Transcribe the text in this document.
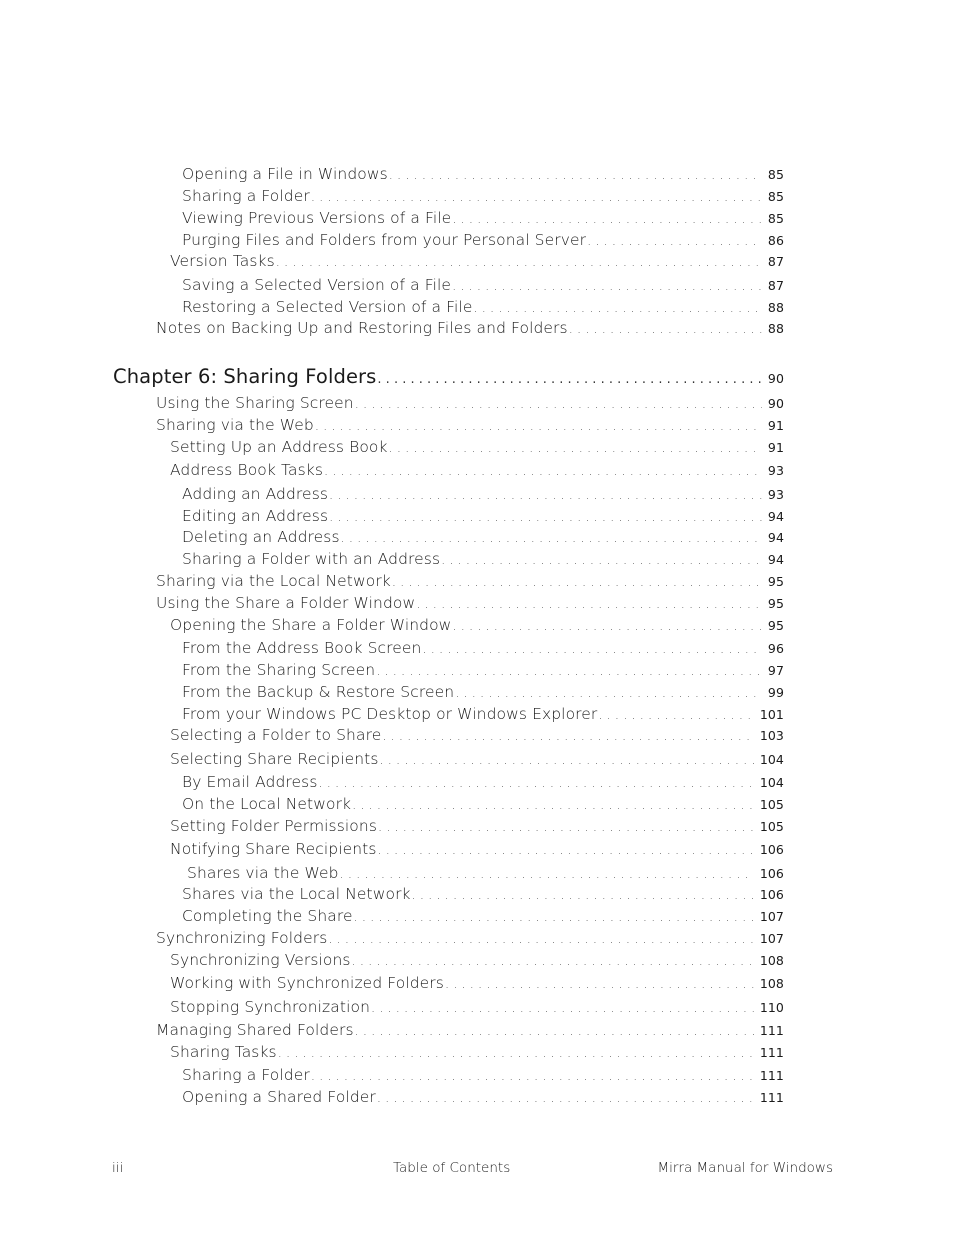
Opening a File in Windows . . .	85
Sharing a Folder . . .	85
Viewing Previous Versions of a File . . .	85
Purging Files and Folders from your Personal Server . . .	86
Version Tasks . . .	87
Saving a Selected Version of a File . . .	87
Restoring a Selected Version of a File . . .	88
Notes on Backing Up and Restoring Files and Folders . . .	88
Chapter 6: Sharing Folders . . .	90
Using the Sharing Screen . . .	90
Sharing via the Web . . .	91
Setting Up an Address Book . . .	91
Address Book Tasks . . .	93
Adding an Address . . .	93
Editing an Address . . .	94
Deleting an Address . . .	94
Sharing a Folder with an Address . . .	94
Sharing via the Local Network . . .	95
Using the Share a Folder Window . . .	95
Opening the Share a Folder Window . . .	95
From the Address Book Screen . . .	96
From the Sharing Screen . . .	97
From the Backup & Restore Screen . . .	99
From your Windows PC Desktop or Windows Explorer . . .	101
Selecting a Folder to Share . . .	103
Selecting Share Recipients . . .	104
By Email Address . . .	104
On the Local Network . . .	105
Setting Folder Permissions . . .	105
Notifying Share Recipients . . .	106
Shares via the Web . . .	106
Shares via the Local Network . . .	106
Completing the Share . . .	107
Synchronizing Folders . . .	107
Synchronizing Versions . . .	108
Working with Synchronized Folders . . .	108
Stopping Synchronization . . .	110
Managing Shared Folders . . .	111
Sharing Tasks . . .	111
Sharing a Folder . . .	111
Opening a Shared Folder . . .	111
iii	Table of Contents	Mirra Manual for Windows
